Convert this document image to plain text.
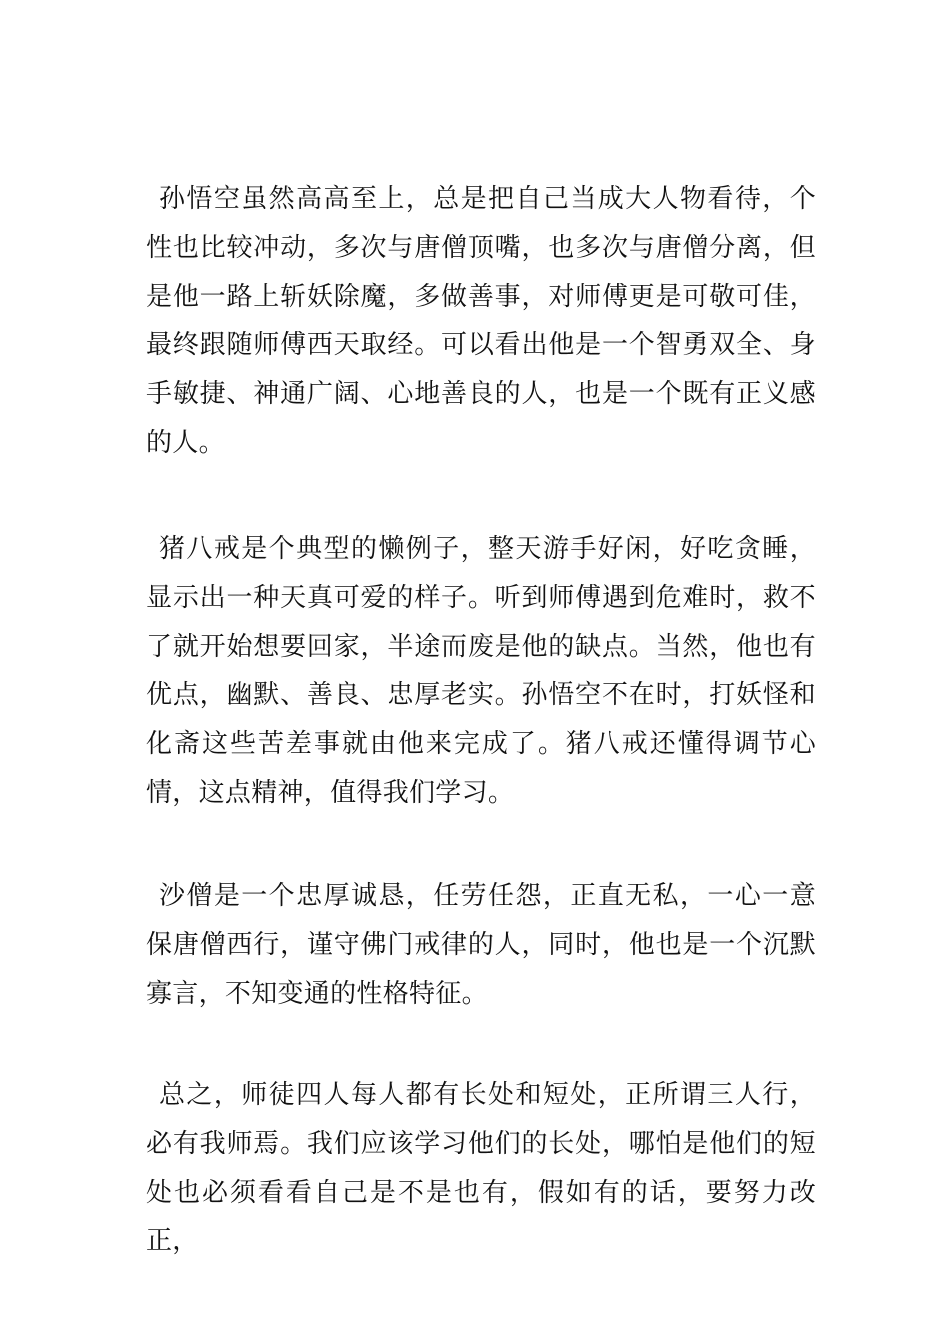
孙悟空虽然高高至上，总是把自己当成大人物看待，个性也比较冲动，多次与唐僧顶嘴，也多次与唐僧分离，但是他一路上斩妖除魔，多做善事，对师傅更是可敬可佳，最终跟随师傅西天取经。可以看出他是一个智勇双全、身手敏捷、神通广阔、心地善良的人，也是一个既有正义感的人。

猪八戒是个典型的懒例子，整天游手好闲，好吃贪睡，显示出一种天真可爱的样子。听到师傅遇到危难时，救不了就开始想要回家，半途而废是他的缺点。当然，他也有优点，幽默、善良、忠厚老实。孙悟空不在时，打妖怪和化斋这些苦差事就由他来完成了。猪八戒还懂得调节心情，这点精神，值得我们学习。

沙僧是一个忠厚诚恳，任劳任怨，正直无私，一心一意保唐僧西行，谨守佛门戒律的人，同时，他也是一个沉默寡言，不知变通的性格特征。

总之，师徒四人每人都有长处和短处，正所谓三人行，必有我师焉。我们应该学习他们的长处，哪怕是他们的短处也必须看看自己是不是也有，假如有的话，要努力改正，
